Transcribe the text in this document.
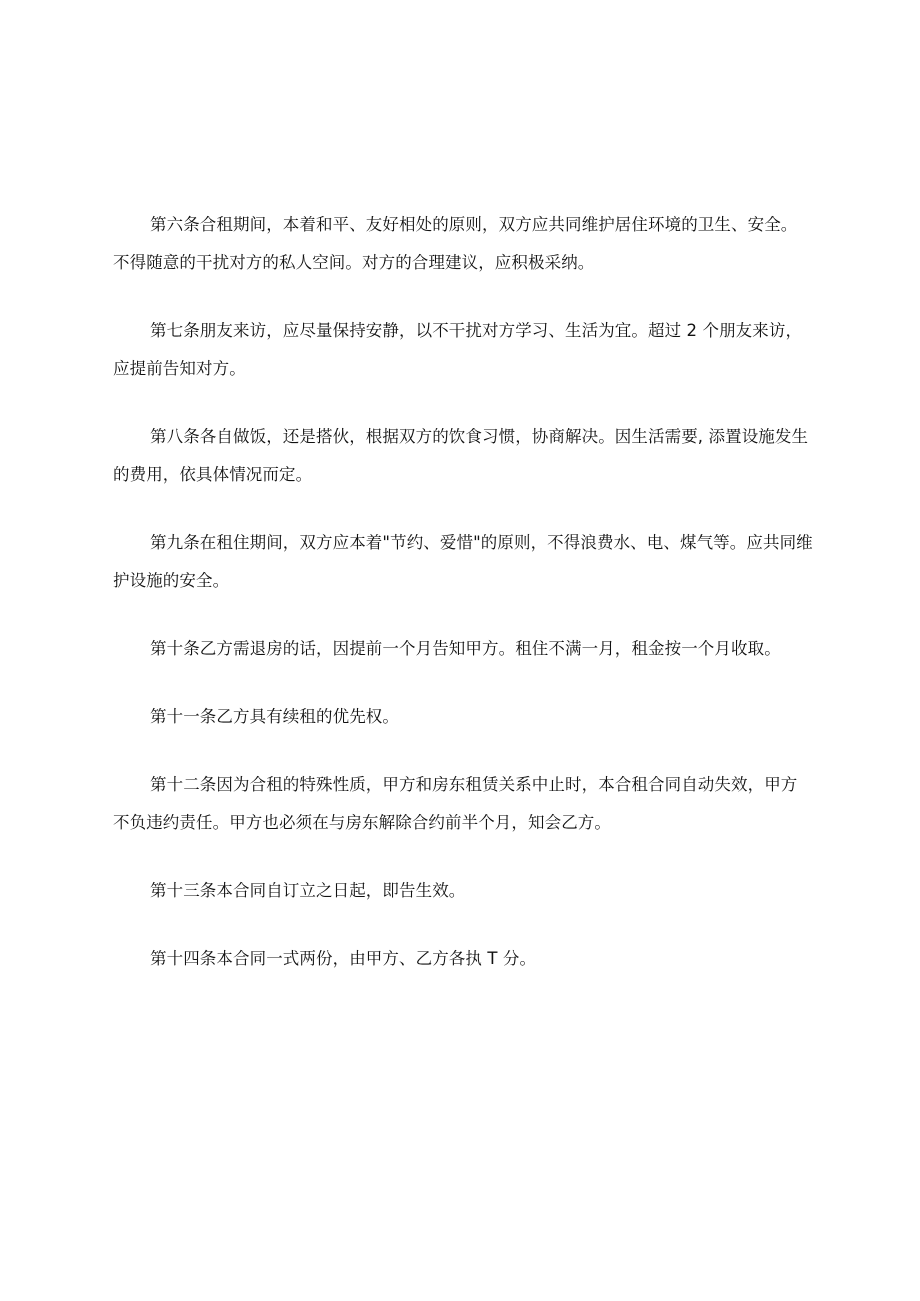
第六条合租期间，本着和平、友好相处的原则，双方应共同维护居住环境的卫生、安全。不得随意的干扰对方的私人空间。对方的合理建议，应积极采纳。

第七条朋友来访，应尽量保持安静，以不干扰对方学习、生活为宜。超过 2 个朋友来访，应提前告知对方。

第八条各自做饭，还是搭伙，根据双方的饮食习惯，协商解决。因生活需要, 添置设施发生的费用，依具体情况而定。

第九条在租住期间，双方应本着"节约、爱惜"的原则，不得浪费水、电、煤气等。应共同维护设施的安全。

第十条乙方需退房的话，因提前一个月告知甲方。租住不满一月，租金按一个月收取。

第十一条乙方具有续租的优先权。

第十二条因为合租的特殊性质，甲方和房东租赁关系中止时，本合租合同自动失效，甲方不负违约责任。甲方也必须在与房东解除合约前半个月，知会乙方。

第十三条本合同自订立之日起，即告生效。

第十四条本合同一式两份，由甲方、乙方各执 T 分。
